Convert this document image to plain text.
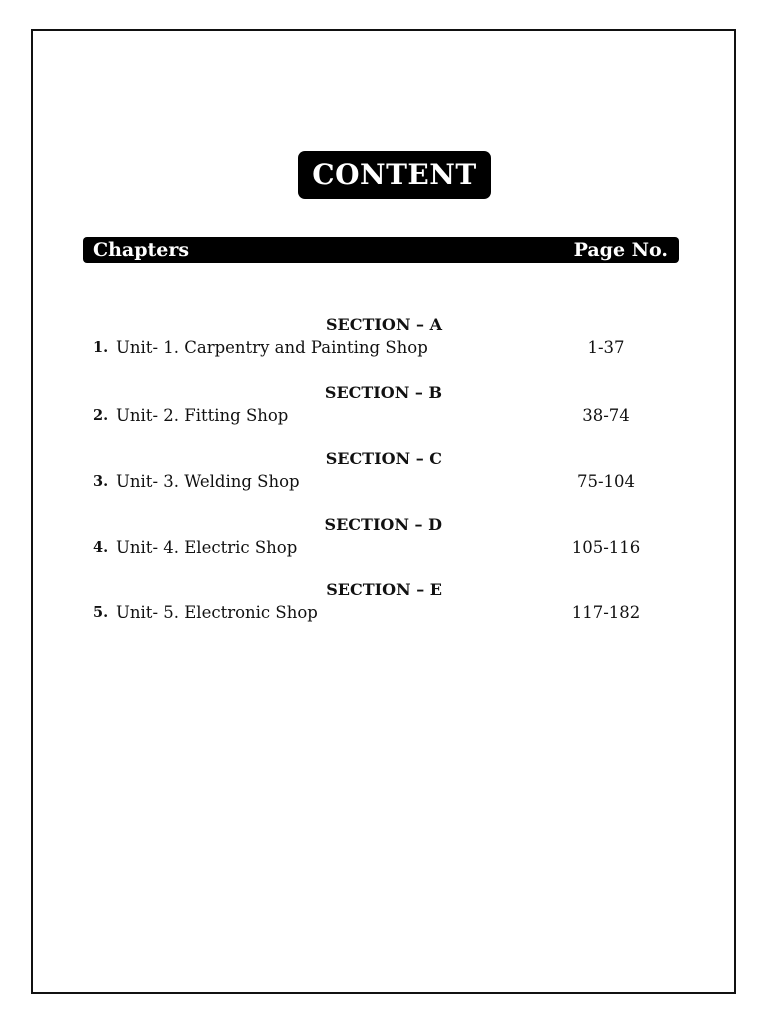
CONTENT
Chapters	Page No.
SECTION – A
1. Unit- 1. Carpentry and Painting Shop	1-37
SECTION – B
2. Unit- 2. Fitting Shop	38-74
SECTION – C
3. Unit- 3. Welding Shop	75-104
SECTION – D
4. Unit- 4. Electric Shop	105-116
SECTION – E
5. Unit- 5. Electronic Shop	117-182
